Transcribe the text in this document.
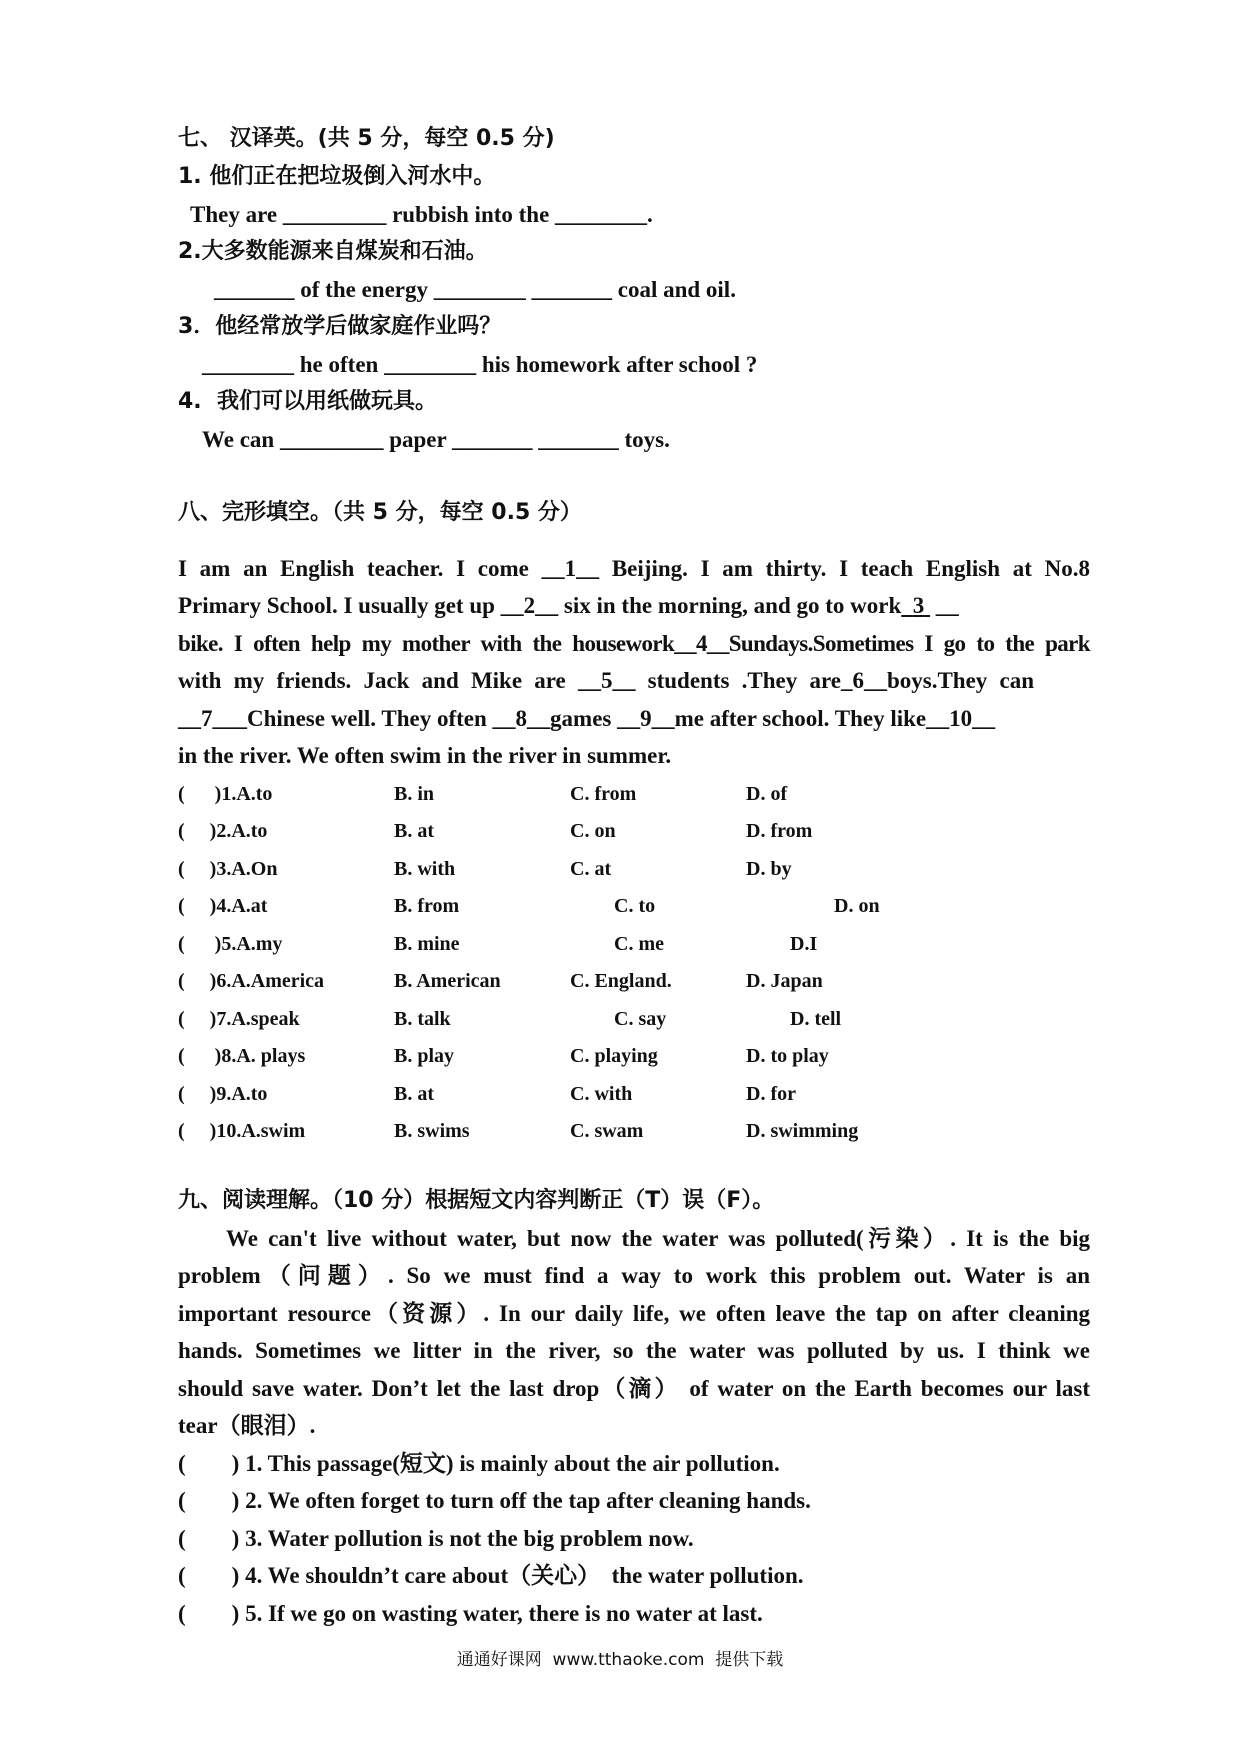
七、 汉译英。(共 5 分，每空 0.5 分)
1. 他们正在把垃圾倒入河水中。
They are _________ rubbish into the ________.
2.大多数能源来自煤炭和石油。
_______ of the energy ________ _______ coal and oil.
3．他经常放学后做家庭作业吗？
________ he often ________ his homework after school ?
4.  我们可以用纸做玩具。
We can _________ paper _______ _______ toys.
八、完形填空。（共 5 分，每空 0.5 分）
I am an English teacher. I come __1__ Beijing. I am thirty. I teach English at No.8
Primary School. I usually get up __2__ six in the morning, and go to work 3  __
bike. I often help my mother with the housework__4__Sundays.Sometimes I go to the park
with my friends. Jack and Mike are __5__ students .They are_6__boys.They can
__7___Chinese well. They often __8__games __9__me after school. They like__10__
in the river. We often swim in the river in summer.
(      )1.A.to	B. in	C. from	D. of
(     )2.A.to	B. at	C. on	D. from
(     )3.A.On	B. with	C. at	D. by
(     )4.A.at	B. from	C. to	D. on
(      )5.A.my	B. mine	C. me	D.I
(     )6.A.America	B. American	C. England.	D. Japan
(     )7.A.speak	B. talk	C. say	D. tell
(      )8.A. plays	B. play	C. playing	D. to play
(     )9.A.to	B. at	C. with	D. for
(     )10.A.swim	B. swims	C. swam	D. swimming
九、阅读理解。（10 分）根据短文内容判断正（T）误（F）。
We can't live without water, but now the water was polluted(污染）. It is the big
problem（问题）. So we must find a way to work this problem out. Water is an
important resource（资源）. In our daily life, we often leave the tap on after cleaning
hands. Sometimes we litter in the river, so the water was polluted by us. I think we
should save water. Don’t let the last drop（滴） of water on the Earth becomes our last
tear（眼泪）.
(        ) 1. This passage(短文) is mainly about the air pollution.
(        ) 2. We often forget to turn off the tap after cleaning hands.
(        ) 3. Water pollution is not the big problem now.
(        ) 4. We shouldn’t care about（关心）  the water pollution.
(        ) 5. If we go on wasting water, there is no water at last.
通通好课网  www.tthaoke.com  提供下载
